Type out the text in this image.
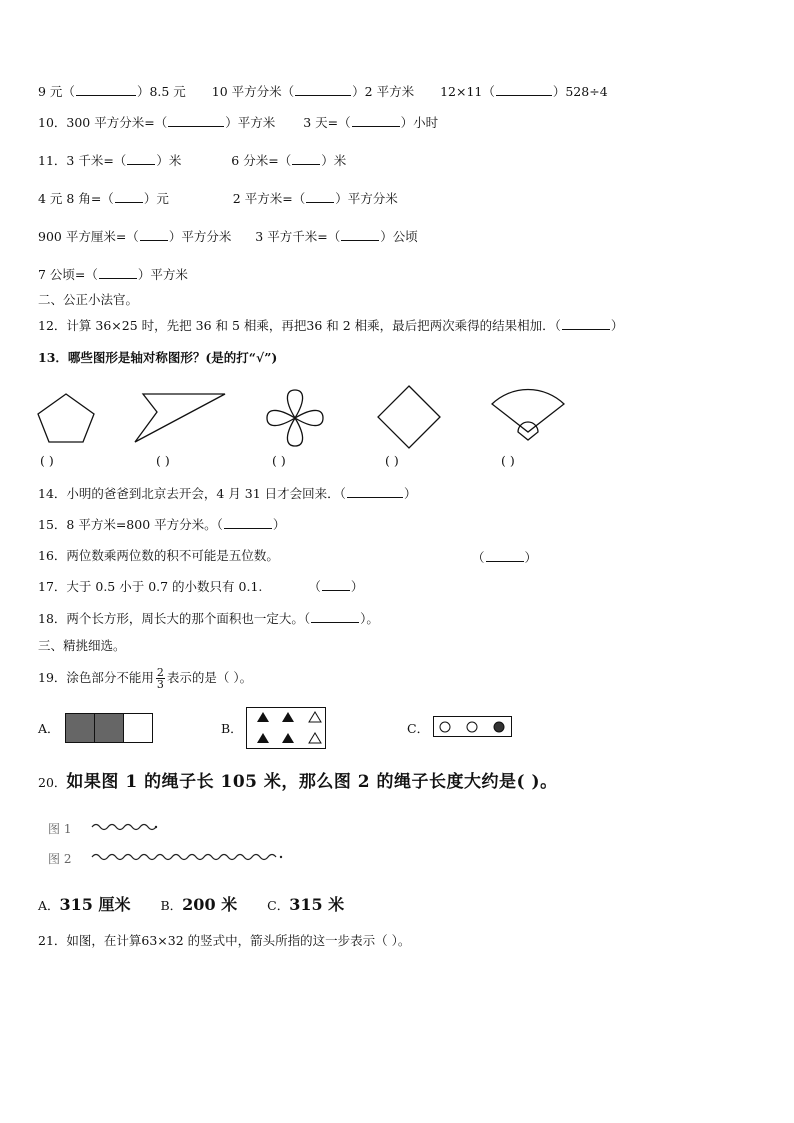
9 元（	）8.5 元 10 平方分米（	）2 平方米 12×11（	）528÷4
10．300 平方分米=（	）平方米 3 天=（	）小时
11．3 千米=（ ）米	6 分米=（ ）米
4 元 8 角=（ ）元	2 平方米=（ ）平方分米
900 平方厘米=（ ）平方分米 3 平方千米=（	）公顷
7 公顷=（	）平方米
二、公正小法官。
12．计算 36×25 时，先把 36 和 5 相乘，再把36 和 2 相乘，最后把两次乘得的结果相加．（	）
13．哪些图形是轴对称图形？(是的打“√”)
( )	( )	( )	( )	( )
14．小明的爸爸到北京去开会，4 月 31 日才会回来．（	）
15．8 平方米=800 平方分米。（	）
16．两位数乘两位数的积不可能是五位数。	（	）
17．大于 0.5 小于 0.7 的小数只有 0.1.	（ ）
18．两个长方形，周长大的那个面积也一定大。（	）。
三、精挑细选。
19．涂色部分不能用 $\frac{2}{3}$ 表示的是（ ）。
A．	B．	C．
20．如果图 1 的绳子长 105 米，那么图 2 的绳子长度大约是( )。
图 1
图 2
A．315 厘米 B．200 米 C．315 米
21．如图，在计算63×32 的竖式中，箭头所指的这一步表示（ ）。
